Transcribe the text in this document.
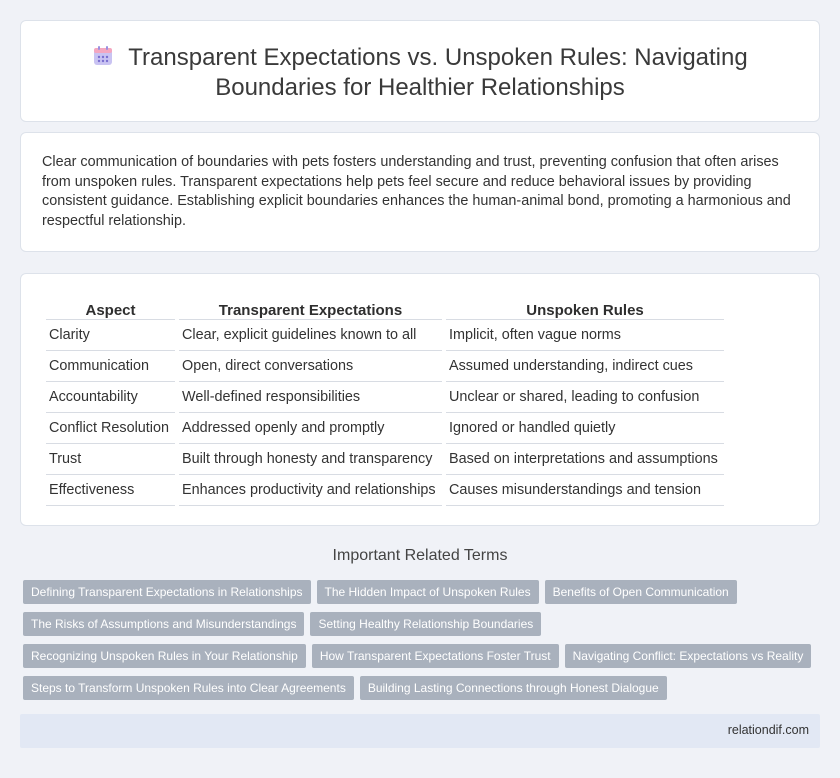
Transparent Expectations vs. Unspoken Rules: Navigating
Boundaries for Healthier Relationships

Clear communication of boundaries with pets fosters understanding and trust, preventing confusion that often arises from unspoken rules. Transparent expectations help pets feel secure and reduce behavioral issues by providing consistent guidance. Establishing explicit boundaries enhances the human-animal bond, promoting a harmonious and respectful relationship.

Aspect	Transparent Expectations	Unspoken Rules
Clarity	Clear, explicit guidelines known to all	Implicit, often vague norms
Communication	Open, direct conversations	Assumed understanding, indirect cues
Accountability	Well-defined responsibilities	Unclear or shared, leading to confusion
Conflict Resolution	Addressed openly and promptly	Ignored or handled quietly
Trust	Built through honesty and transparency	Based on interpretations and assumptions
Effectiveness	Enhances productivity and relationships	Causes misunderstandings and tension
Important Related Terms
Defining Transparent Expectations in Relationships The Hidden Impact of Unspoken Rules Benefits of Open Communication
The Risks of Assumptions and Misunderstandings Setting Healthy Relationship Boundaries
Recognizing Unspoken Rules in Your Relationship How Transparent Expectations Foster Trust Navigating Conflict: Expectations vs Reality
Steps to Transform Unspoken Rules into Clear Agreements Building Lasting Connections through Honest Dialogue
relationdif.com
